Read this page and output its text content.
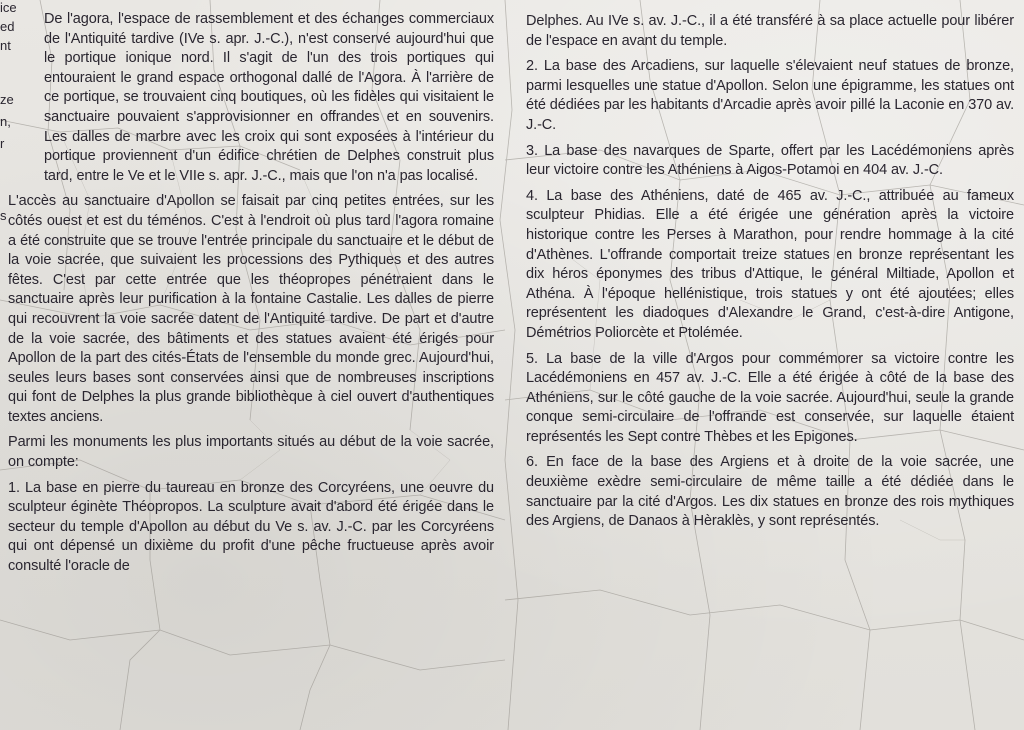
ice
ed
nt
ze
n,
r
s

De l'agora, l'espace de rassemblement et des échanges commerciaux de l'Antiquité tardive (IVe s. apr. J.-C.), n'est conservé aujourd'hui que le portique ionique nord. Il s'agit de l'un des trois portiques qui entouraient le grand espace orthogonal dallé de l'Agora. À l'arrière de ce portique, se trouvaient cinq boutiques, où les fidèles qui visitaient le sanctuaire pouvaient s'approvisionner en offrandes et en souvenirs. Les dalles de marbre avec les croix qui sont exposées à l'intérieur du portique proviennent d'un édifice chrétien de Delphes construit plus tard, entre le Ve et le VIIe s. apr. J.-C., mais que l'on n'a pas localisé.

L'accès au sanctuaire d'Apollon se faisait par cinq petites entrées, sur les côtés ouest et est du téménos. C'est à l'endroit où plus tard l'agora romaine a été construite que se trouve l'entrée principale du sanctuaire et le début de la voie sacrée, que suivaient les processions des Pythiques et des autres fêtes. C'est par cette entrée que les théopropes pénétraient dans le sanctuaire après leur purification à la fontaine Castalie. Les dalles de pierre qui recouvrent la voie sacrée datent de l'Antiquité tardive. De part et d'autre de la voie sacrée, des bâtiments et des statues avaient été érigés pour Apollon de la part des cités-États de l'ensemble du monde grec. Aujourd'hui, seules leurs bases sont conservées ainsi que de nombreuses inscriptions qui font de Delphes la plus grande bibliothèque à ciel ouvert d'authentiques textes anciens.

Parmi les monuments les plus importants situés au début de la voie sacrée, on compte:

1. La base en pierre du taureau en bronze des Corcyréens, une oeuvre du sculpteur éginète Théopropos. La sculpture avait d'abord été érigée dans le secteur du temple d'Apollon au début du Ve s. av. J.-C. par les Corcyréens qui ont dépensé un dixième du profit d'une pêche fructueuse après avoir consulté l'oracle de

Delphes. Au IVe s. av. J.-C., il a été transféré à sa place actuelle pour libérer de l'espace en avant du temple.

2. La base des Arcadiens, sur laquelle s'élevaient neuf statues de bronze, parmi lesquelles une statue d'Apollon. Selon une épigramme, les statues ont été dédiées par les habitants d'Arcadie après avoir pillé la Laconie en 370 av. J.-C.

3. La base des navarques de Sparte, offert par les Lacédémoniens après leur victoire contre les Athéniens à Aigos-Potamoi en 404 av. J.-C.

4. La base des Athéniens, daté de 465 av. J.-C., attribuée au fameux sculpteur Phidias. Elle a été érigée une génération après la victoire historique contre les Perses à Marathon, pour rendre hommage à la cité d'Athènes. L'offrande comportait treize statues en bronze représentant les dix héros éponymes des tribus d'Attique, le général Miltiade, Apollon et Athéna. À l'époque hellénistique, trois statues y ont été ajoutées; elles représentent les diadoques d'Alexandre le Grand, c'est-à-dire Antigone, Démétrios Poliorcète et Ptolémée.

5. La base de la ville d'Argos pour commémorer sa victoire contre les Lacédémoniens en 457 av. J.-C. Elle a été érigée à côté de la base des Athéniens, sur le côté gauche de la voie sacrée. Aujourd'hui, seule la grande conque semi-circulaire de l'offrande est conservée, sur laquelle étaient représentés les Sept contre Thèbes et les Epigones.

6. En face de la base des Argiens et à droite de la voie sacrée, une deuxième exèdre semi-circulaire de même taille a été dédiée dans le sanctuaire par la cité d'Argos. Les dix statues en bronze des rois mythiques des Argiens, de Danaos à Hèraklès, y sont représentés.
